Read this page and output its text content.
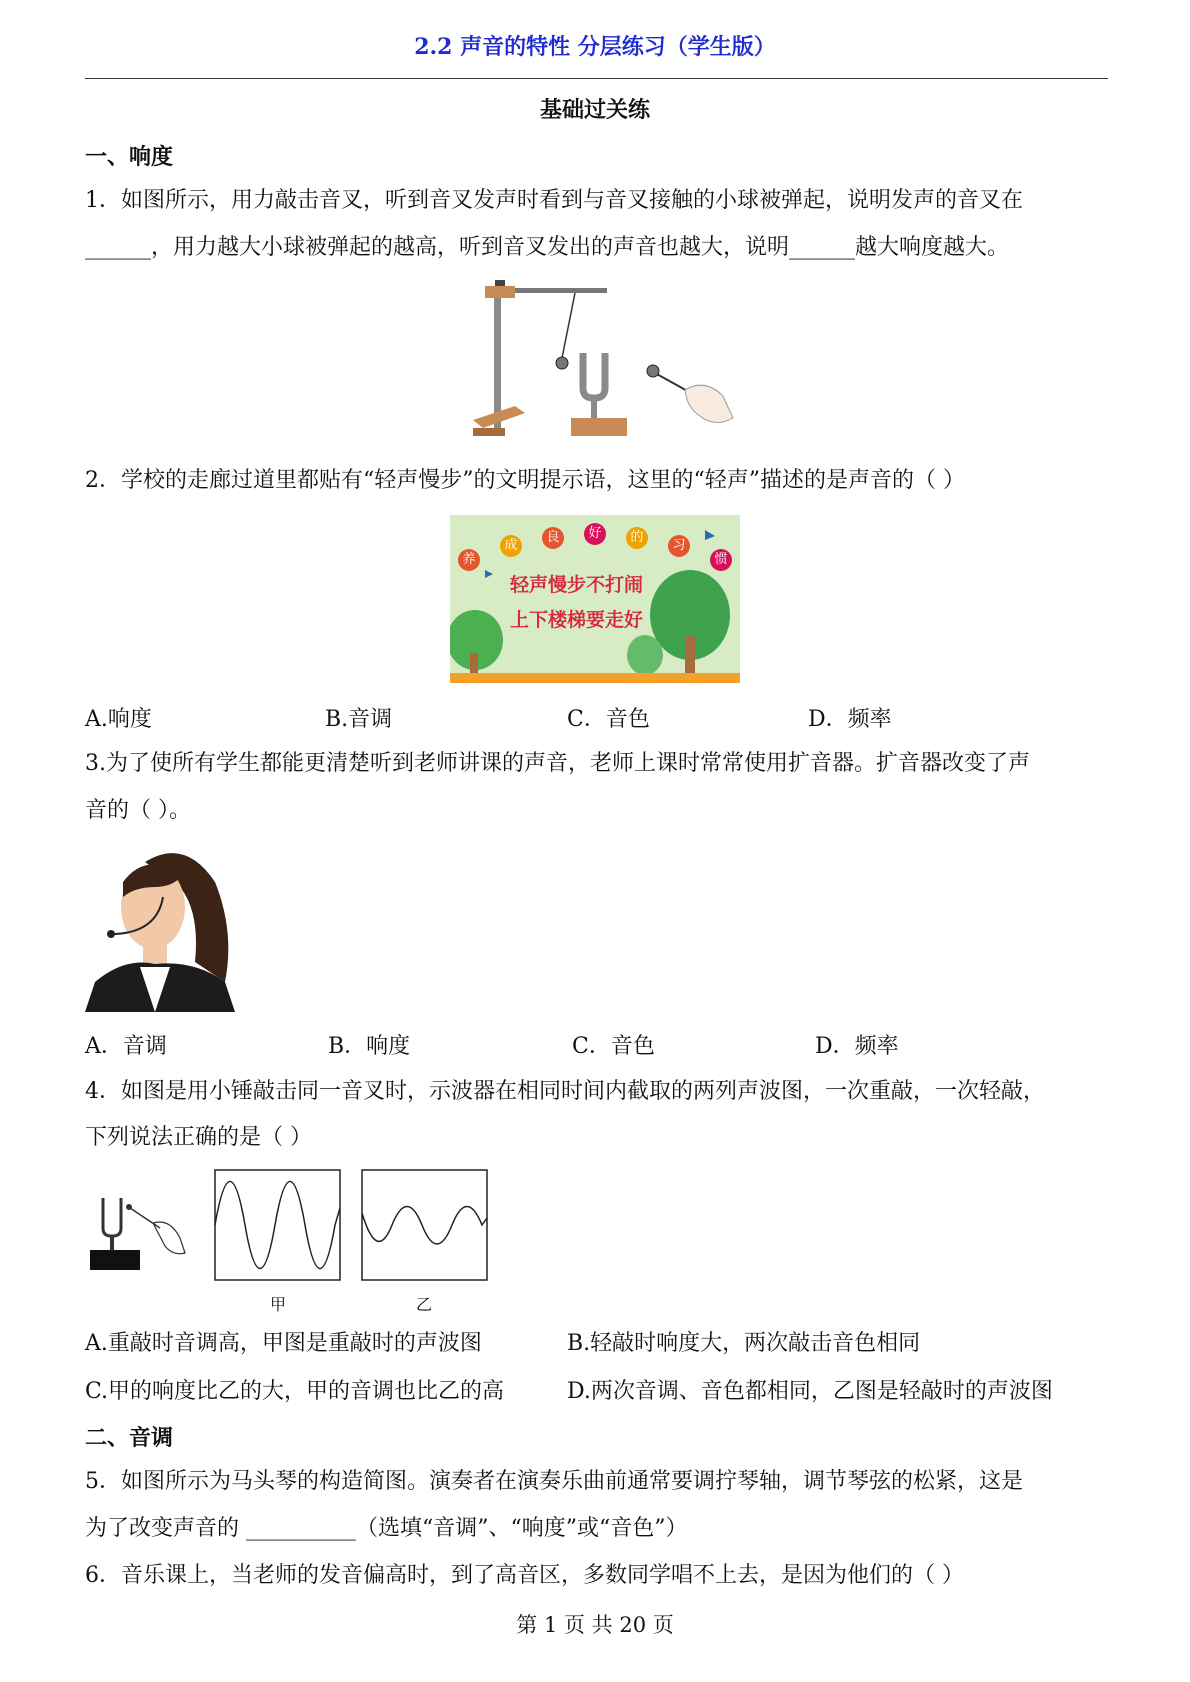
2.2 声音的特性 分层练习（学生版）
基础过关练
一、响度
1．如图所示，用力敲击音叉，听到音叉发声时看到与音叉接触的小球被弹起，说明发声的音叉在
______，用力越大小球被弹起的越高，听到音叉发出的声音也越大，说明______越大响度越大。
2．学校的走廊过道里都贴有“轻声慢步”的文明提示语，这里的“轻声”描述的是声音的（ ）
养
成
良	好	的
习
惯
轻声慢步不打闹
上下楼梯要走好
A.响度	B.音调	C．音色	D．频率
3.为了使所有学生都能更清楚听到老师讲课的声音，老师上课时常常使用扩音器。扩音器改变了声
音的（ ）。
A．音调	B．响度	C．音色	D．频率
4．如图是用小锤敲击同一音叉时，示波器在相同时间内截取的两列声波图，一次重敲，一次轻敲，
下列说法正确的是（ ）
甲	乙
A.重敲时音调高，甲图是重敲时的声波图	B.轻敲时响度大，两次敲击音色相同
C.甲的响度比乙的大，甲的音调也比乙的高	D.两次音调、音色都相同，乙图是轻敲时的声波图
二、音调
5．如图所示为马头琴的构造简图。演奏者在演奏乐曲前通常要调拧琴轴，调节琴弦的松紧，这是
为了改变声音的 __________（选填“音调”、“响度”或“音色”）
6．音乐课上，当老师的发音偏高时，到了高音区，多数同学唱不上去，是因为他们的（ ）
第 1 页 共 20 页
